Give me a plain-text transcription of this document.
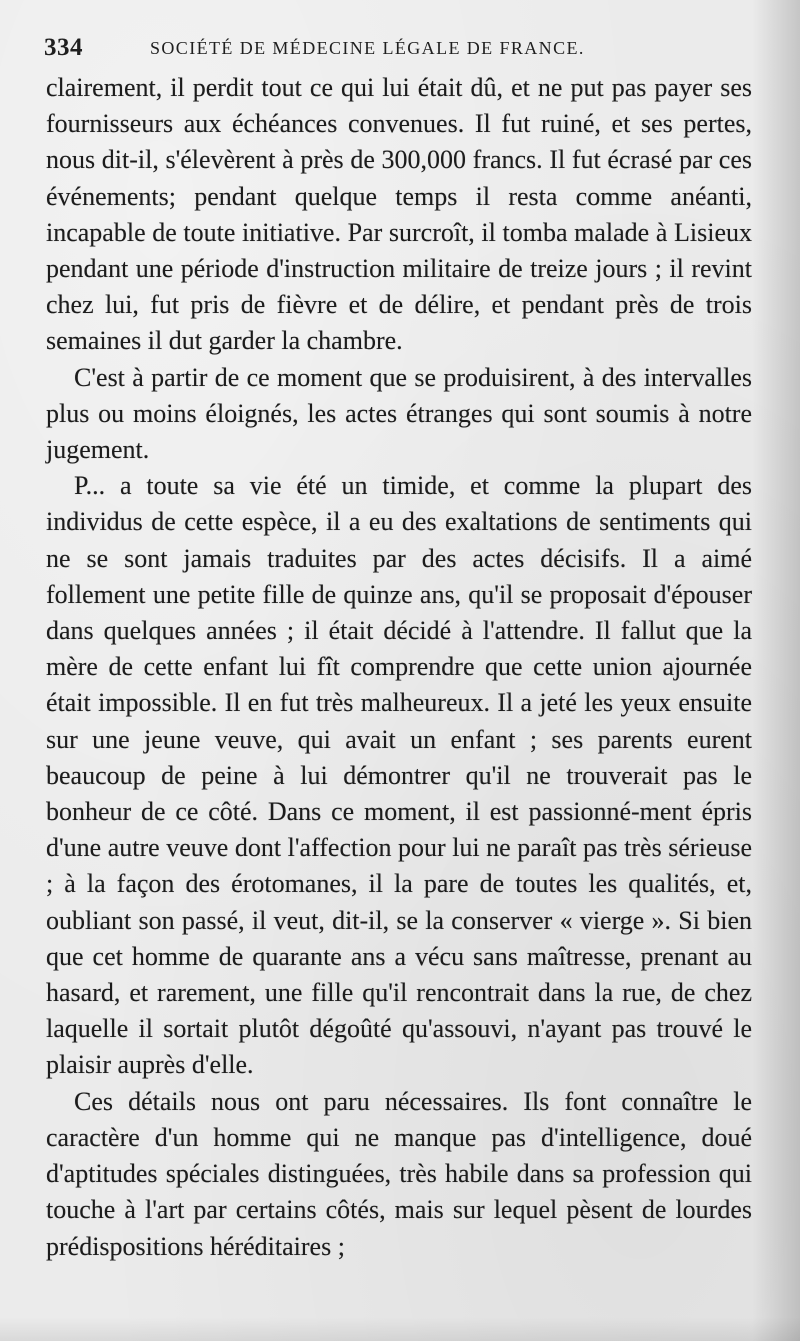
334	SOCIÉTÉ DE MÉDECINE LÉGALE DE FRANCE.

clairement, il perdit tout ce qui lui était dû, et ne put pas payer ses fournisseurs aux échéances convenues. Il fut ruiné, et ses pertes, nous dit-il, s'élevèrent à près de 300,000 francs. Il fut écrasé par ces événements; pendant quelque temps il resta comme anéanti, incapable de toute initiative. Par surcroît, il tomba malade à Lisieux pendant une période d'instruction militaire de treize jours ; il revint chez lui, fut pris de fièvre et de délire, et pendant près de trois semaines il dut garder la chambre.

C'est à partir de ce moment que se produisirent, à des intervalles plus ou moins éloignés, les actes étranges qui sont soumis à notre jugement.

P... a toute sa vie été un timide, et comme la plupart des individus de cette espèce, il a eu des exaltations de sentiments qui ne se sont jamais traduites par des actes décisifs. Il a aimé follement une petite fille de quinze ans, qu'il se proposait d'épouser dans quelques années ; il était décidé à l'attendre. Il fallut que la mère de cette enfant lui fît comprendre que cette union ajournée était impossible. Il en fut très malheureux. Il a jeté les yeux ensuite sur une jeune veuve, qui avait un enfant ; ses parents eurent beaucoup de peine à lui démontrer qu'il ne trouverait pas le bonheur de ce côté. Dans ce moment, il est passionné-ment épris d'une autre veuve dont l'affection pour lui ne paraît pas très sérieuse ; à la façon des érotomanes, il la pare de toutes les qualités, et, oubliant son passé, il veut, dit-il, se la conserver « vierge ». Si bien que cet homme de quarante ans a vécu sans maîtresse, prenant au hasard, et rarement, une fille qu'il rencontrait dans la rue, de chez laquelle il sortait plutôt dégoûté qu'assouvi, n'ayant pas trouvé le plaisir auprès d'elle.

Ces détails nous ont paru nécessaires. Ils font connaître le caractère d'un homme qui ne manque pas d'intelligence, doué d'aptitudes spéciales distinguées, très habile dans sa profession qui touche à l'art par certains côtés, mais sur lequel pèsent de lourdes prédispositions héréditaires ;
